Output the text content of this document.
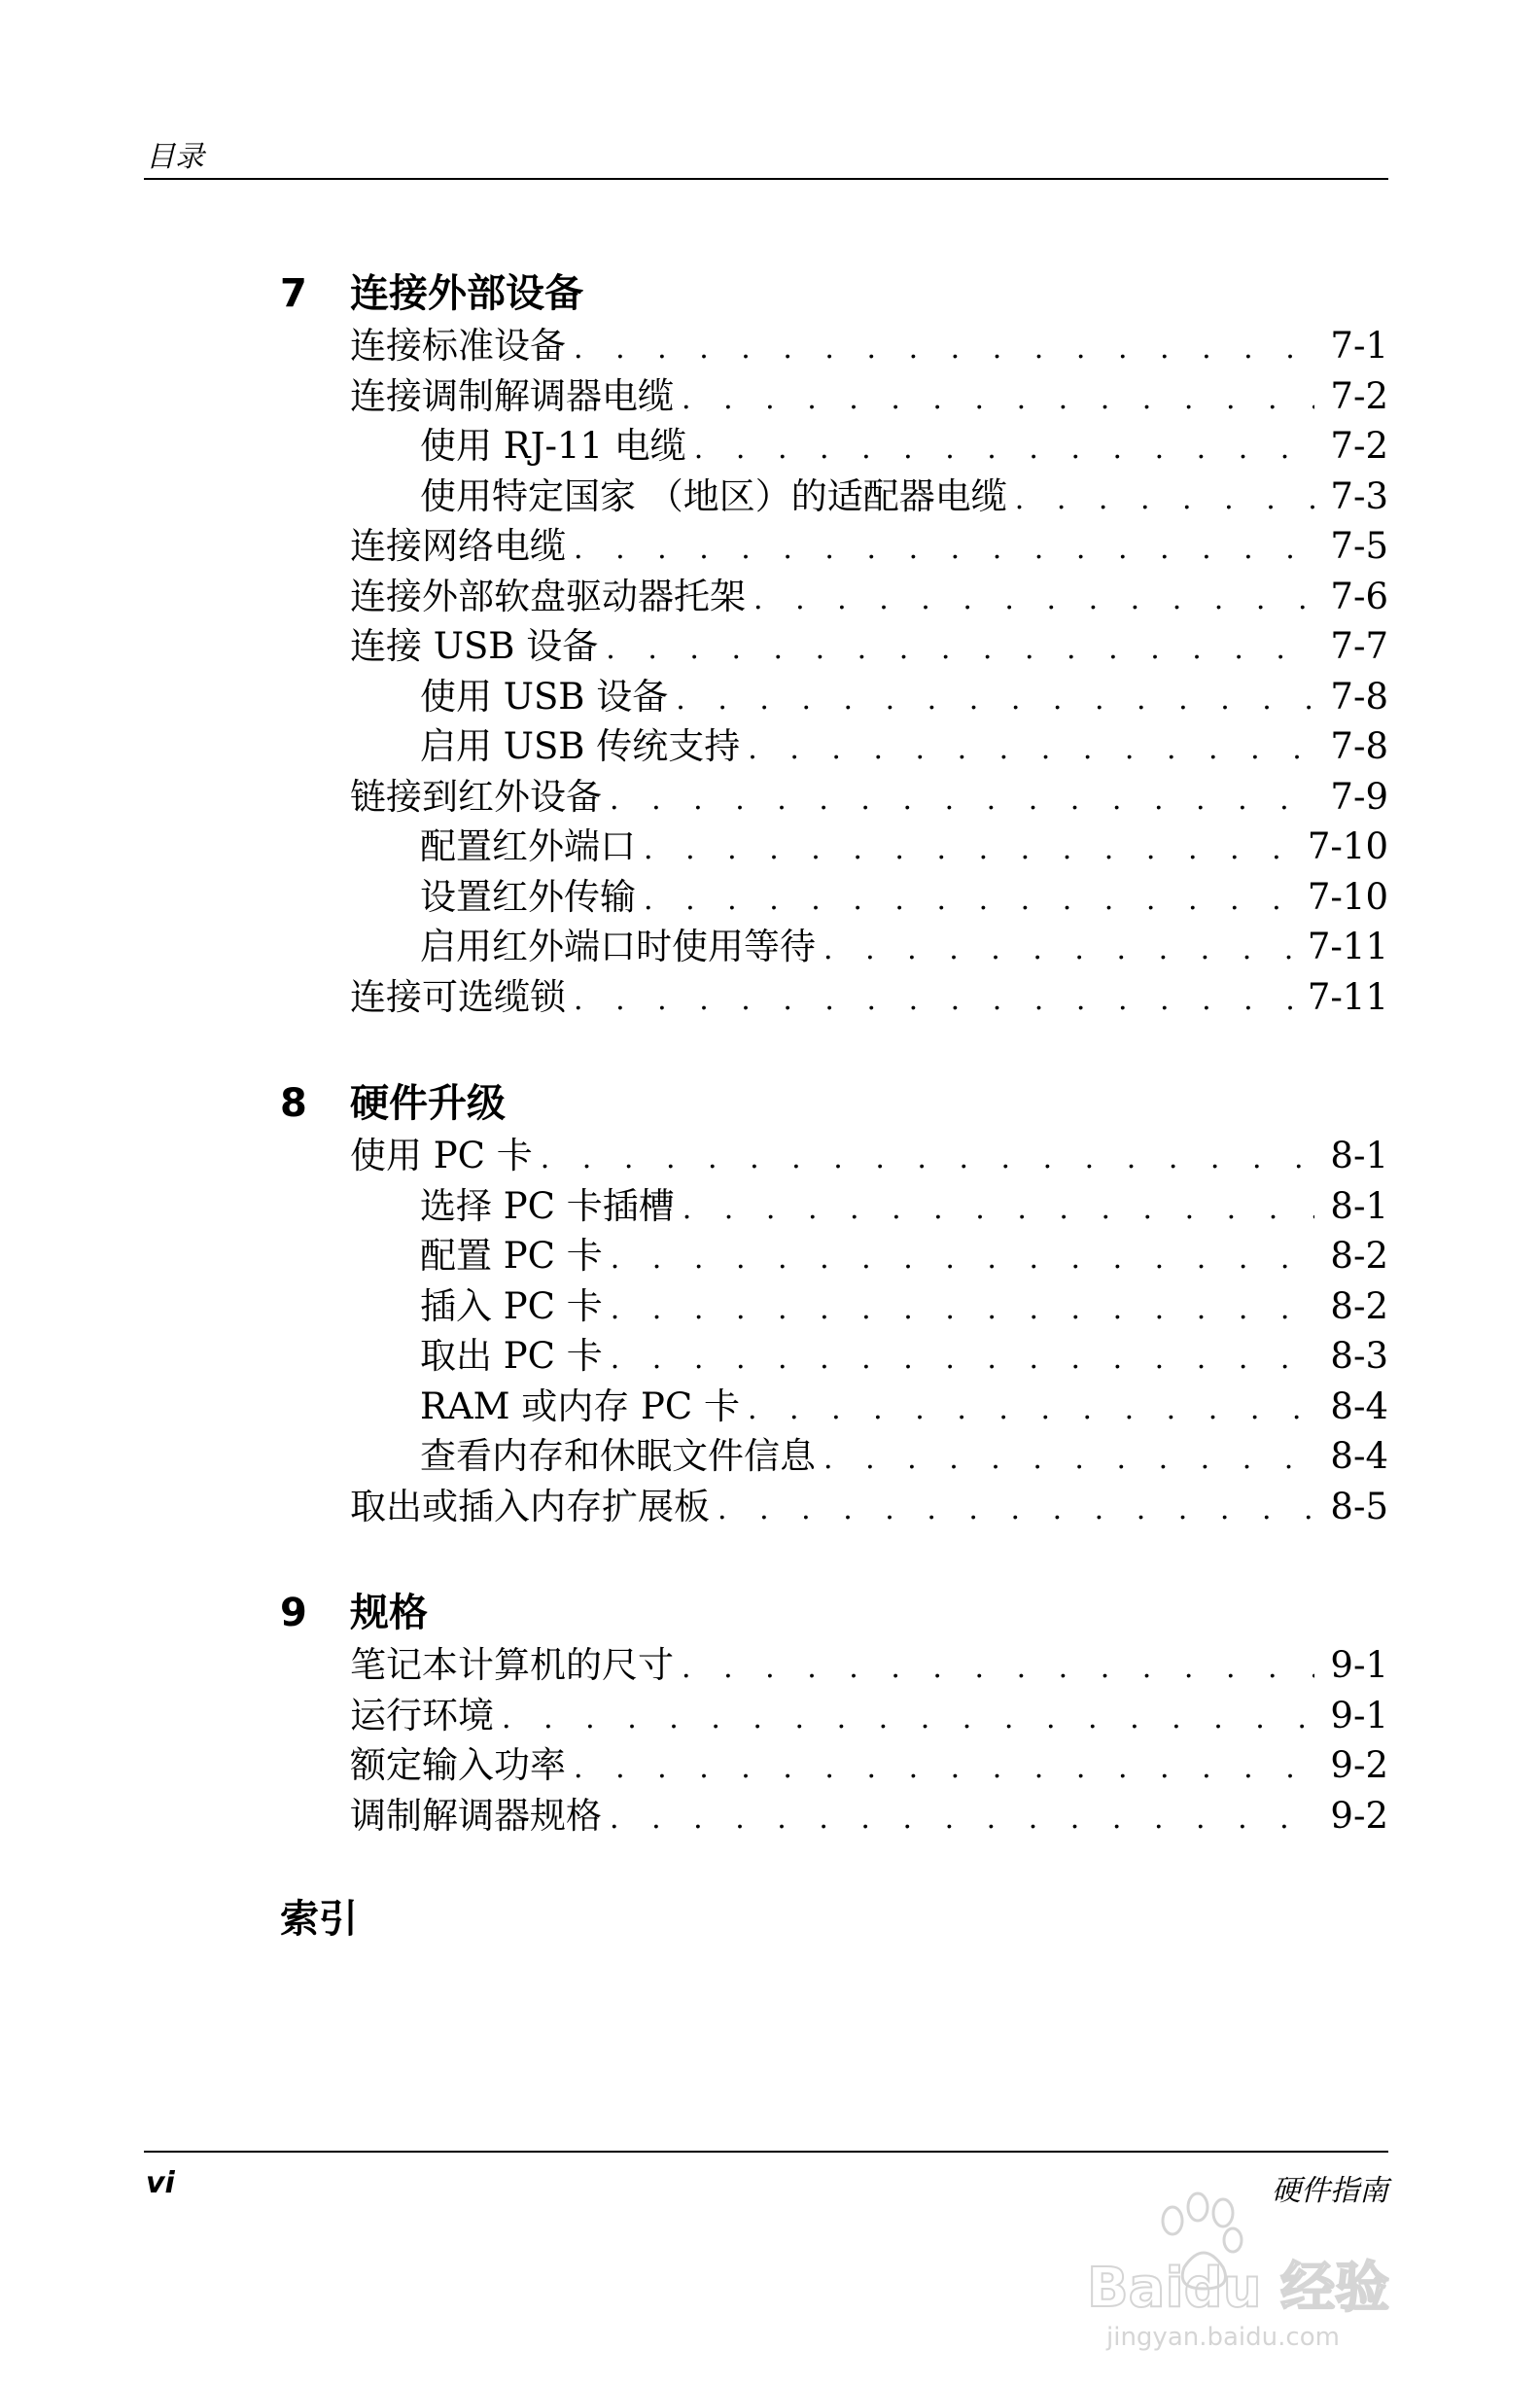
目录
7	连接外部设备
连接标准设备 . . .	7-1
连接调制解调器电缆 . . .	7-2
使用 RJ-11 电缆 . . .	7-2
使用特定国家 （地区）的适配器电缆 . . .	7-3
连接网络电缆 . . .	7-5
连接外部软盘驱动器托架 . . .	7-6
连接 USB 设备 . . .	7-7
使用 USB 设备 . . .	7-8
启用 USB 传统支持 . . .	7-8
链接到红外设备 . . .	7-9
配置红外端口 . . .	7-10
设置红外传输 . . .	7-10
启用红外端口时使用等待 . . .	7-11
连接可选缆锁 . . .	7-11
8	硬件升级
使用 PC 卡 . . .	8-1
选择 PC 卡插槽 . . .	8-1
配置 PC 卡 . . .	8-2
插入 PC 卡 . . .	8-2
取出 PC 卡 . . .	8-3
RAM 或内存 PC 卡 . . .	8-4
查看内存和休眠文件信息 . . .	8-4
取出或插入内存扩展板 . . .	8-5
9	规格
笔记本计算机的尺寸 . . .	9-1
运行环境 . . .	9-1
额定输入功率 . . .	9-2
调制解调器规格 . . .	9-2
索引
vi	硬件指南
Baidu 经验
jingyan.baidu.com
